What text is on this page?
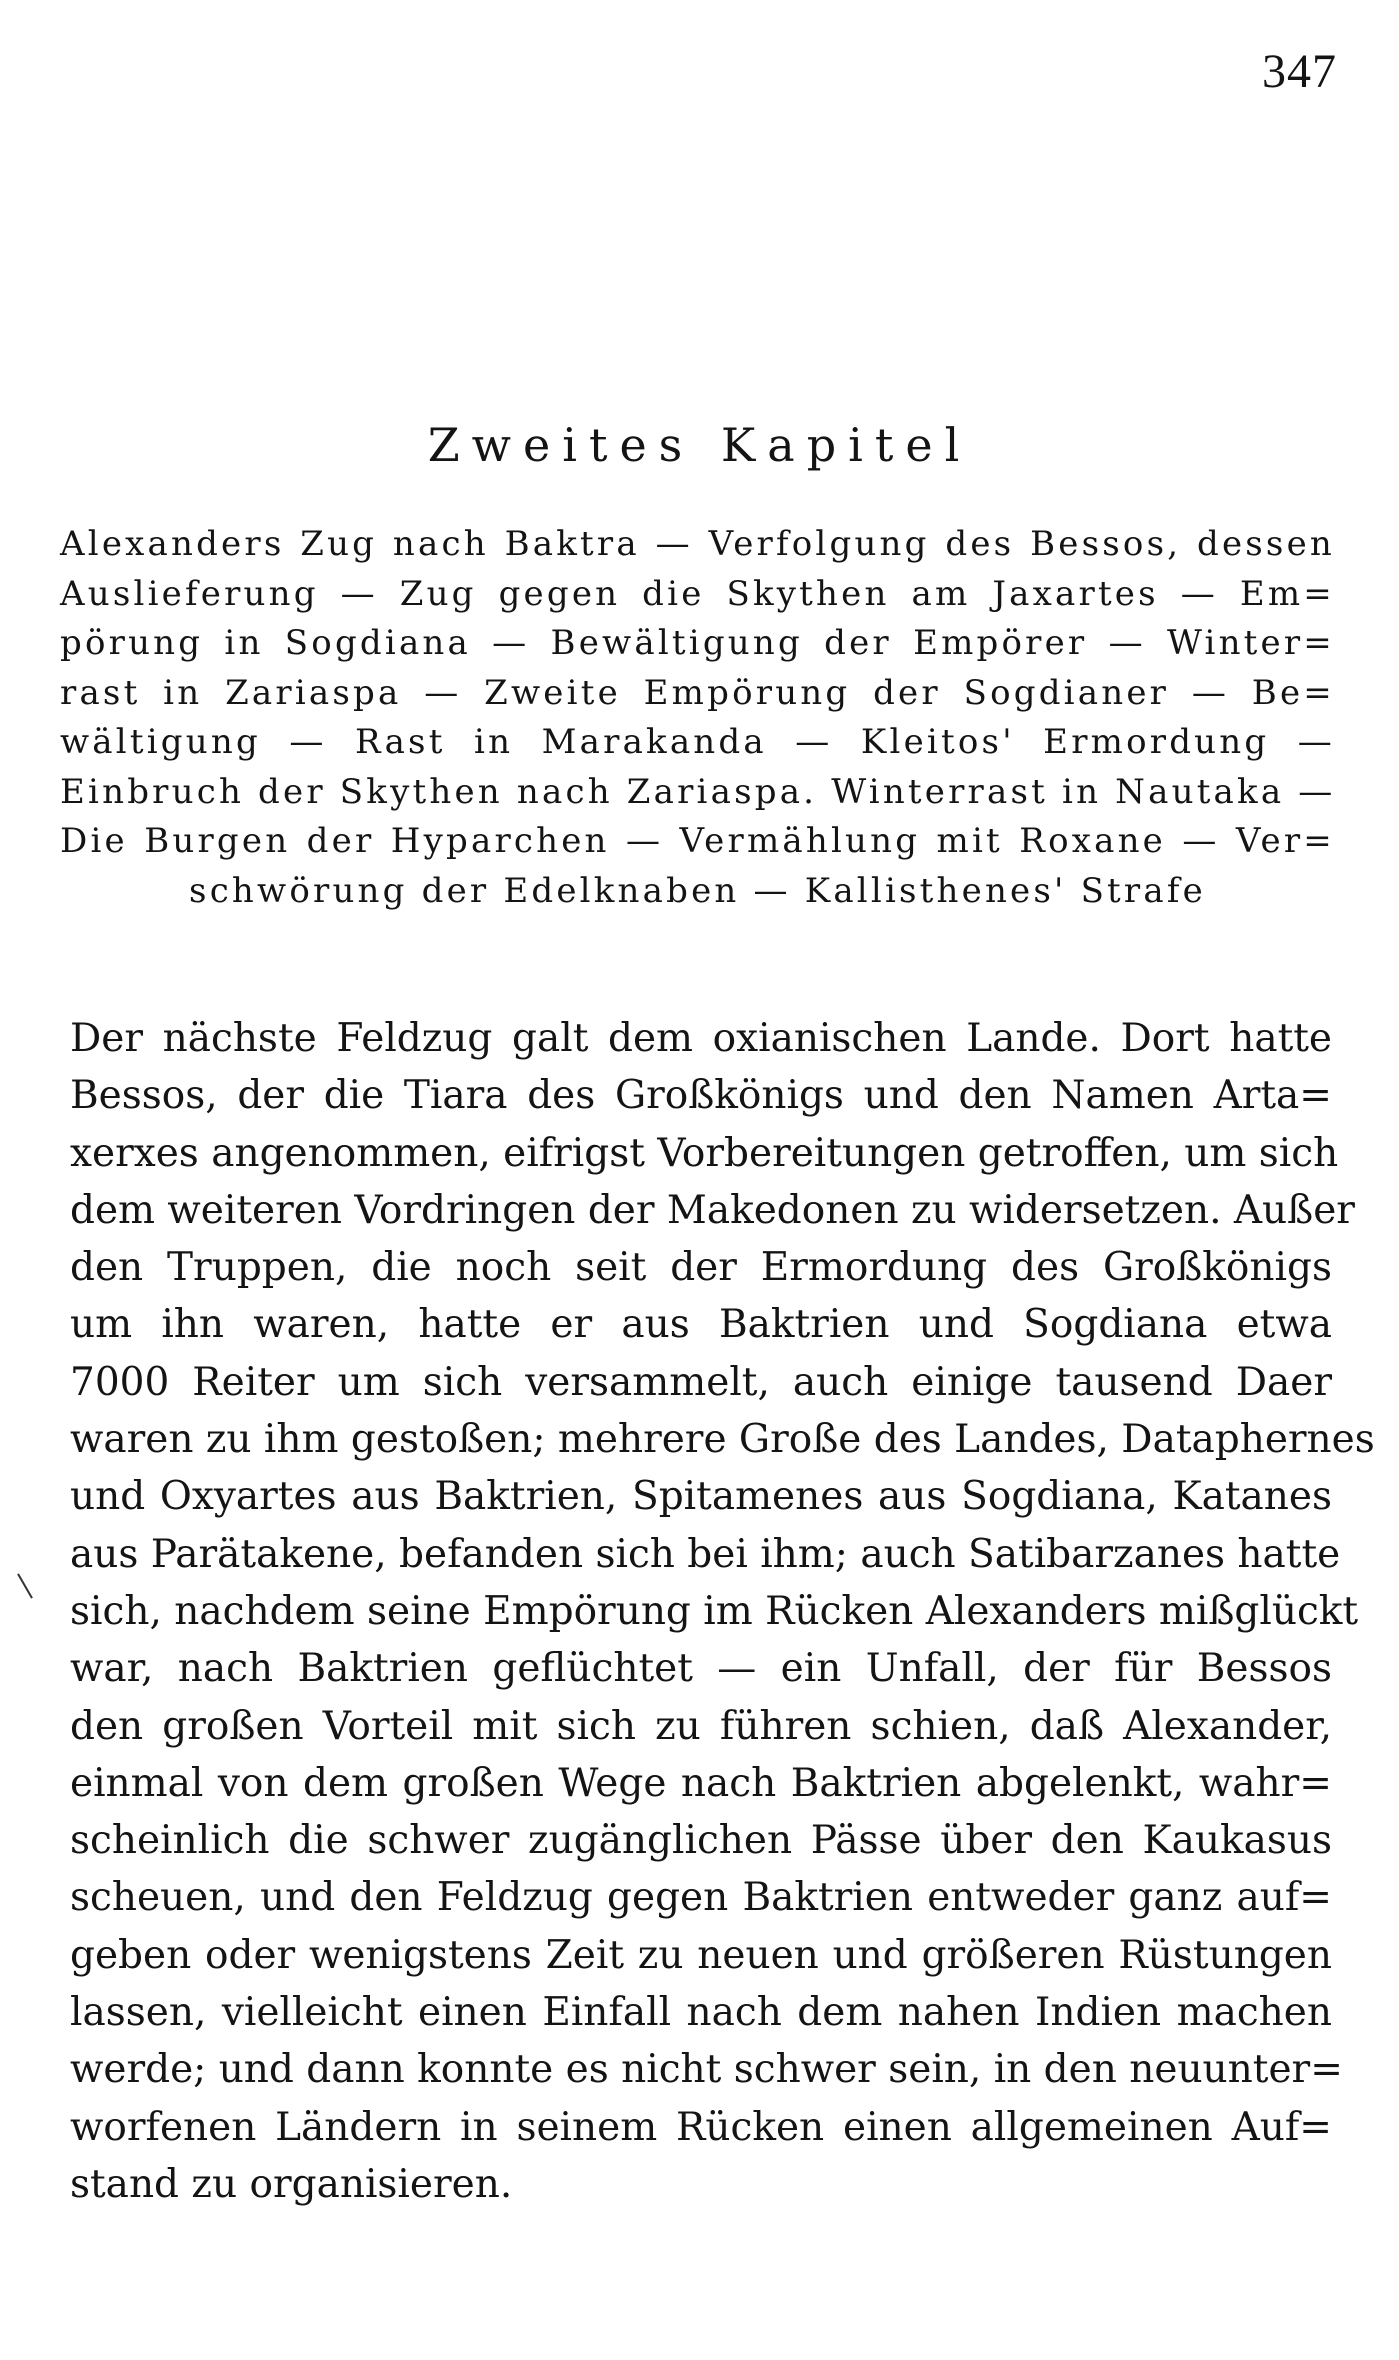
347
Zweites Kapitel
Alexanders Zug nach Baktra — Verfolgung des Bessos, dessen
Auslieferung — Zug gegen die Skythen am Jaxartes — Em=
pörung in Sogdiana — Bewältigung der Empörer — Winter=
rast in Zariaspa — Zweite Empörung der Sogdianer — Be=
wältigung — Rast in Marakanda — Kleitos' Ermordung —
Einbruch der Skythen nach Zariaspa. Winterrast in Nautaka —
Die Burgen der Hyparchen — Vermählung mit Roxane — Ver=
schwörung der Edelknaben — Kallisthenes' Strafe
Der nächste Feldzug galt dem oxianischen Lande. Dort hatte
Bessos, der die Tiara des Großkönigs und den Namen Arta=
xerxes angenommen, eifrigst Vorbereitungen getroffen, um sich
dem weiteren Vordringen der Makedonen zu widersetzen. Außer
den Truppen, die noch seit der Ermordung des Großkönigs
um ihn waren, hatte er aus Baktrien und Sogdiana etwa
7000 Reiter um sich versammelt, auch einige tausend Daer
waren zu ihm gestoßen; mehrere Große des Landes, Dataphernes
und Oxyartes aus Baktrien, Spitamenes aus Sogdiana, Katanes
aus Parätakene, befanden sich bei ihm; auch Satibarzanes hatte
sich, nachdem seine Empörung im Rücken Alexanders mißglückt
war, nach Baktrien geflüchtet — ein Unfall, der für Bessos
den großen Vorteil mit sich zu führen schien, daß Alexander,
einmal von dem großen Wege nach Baktrien abgelenkt, wahr=
scheinlich die schwer zugänglichen Pässe über den Kaukasus
scheuen, und den Feldzug gegen Baktrien entweder ganz auf=
geben oder wenigstens Zeit zu neuen und größeren Rüstungen
lassen, vielleicht einen Einfall nach dem nahen Indien machen
werde; und dann konnte es nicht schwer sein, in den neuunter=
worfenen Ländern in seinem Rücken einen allgemeinen Auf=
stand zu organisieren.
